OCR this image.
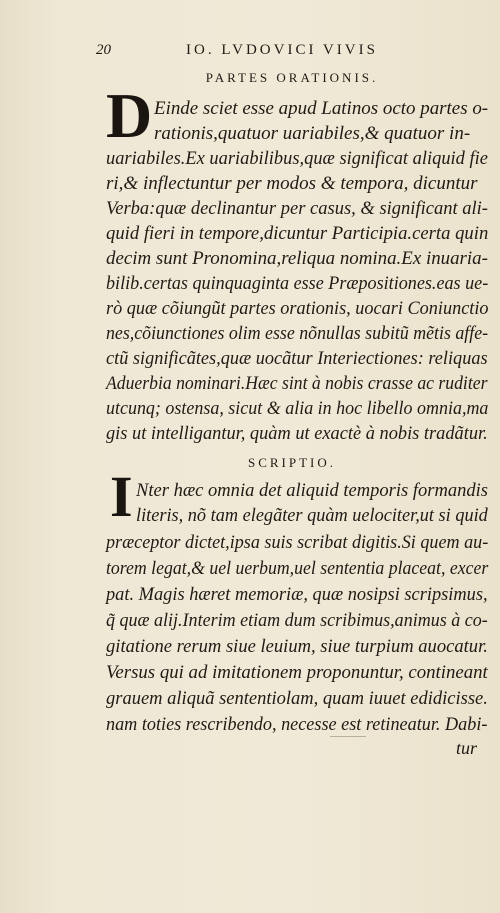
20	IO. LVDOVICI VIVIS
PARTES ORATIONIS.
D Einde sciet esse apud Latinos octo partes o-
rationis,quatuor uariabiles,& quatuor in-
uariabiles.Ex uariabilibus,quæ significat aliquid fie
ri,& inflectuntur per modos & tempora, dicuntur
Verba:quæ declinantur per casus, & significant ali-
quid fieri in tempore,dicuntur Participia.certa quin
decim sunt Pronomina,reliqua nomina.Ex inuaria-
bilib.certas quinquaginta esse Præpositiones.eas ue-
rò quæ cõiungũt partes orationis, uocari Coniunctio
nes,cõiunctiones olim esse nõnullas subitũ mẽtis affe-
ctũ significãtes,quæ uocãtur Interiectiones: reliquas
Aduerbia nominari.Hæc sint à nobis crasse ac ruditer
utcunq; ostensa, sicut & alia in hoc libello omnia,ma
gis ut intelligantur, quàm ut exactè à nobis tradãtur.
SCRIPTIO.
I Nter hæc omnia det aliquid temporis formandis
literis, nõ tam elegãter quàm uelociter,ut si quid
præceptor dictet,ipsa suis scribat digitis.Si quem au-
torem legat,& uel uerbum,uel sententia placeat, excer
pat. Magis hæret memoriæ, quæ nosipsi scripsimus,
q̃ quæ alij.Interim etiam dum scribimus,animus à co-
gitatione rerum siue leuium, siue turpium auocatur.
Versus qui ad imitationem proponuntur, contineant
grauem aliquã sententiolam, quam iuuet edidicisse.
nam toties rescribendo, necesse est retineatur. Dabi-
tur
